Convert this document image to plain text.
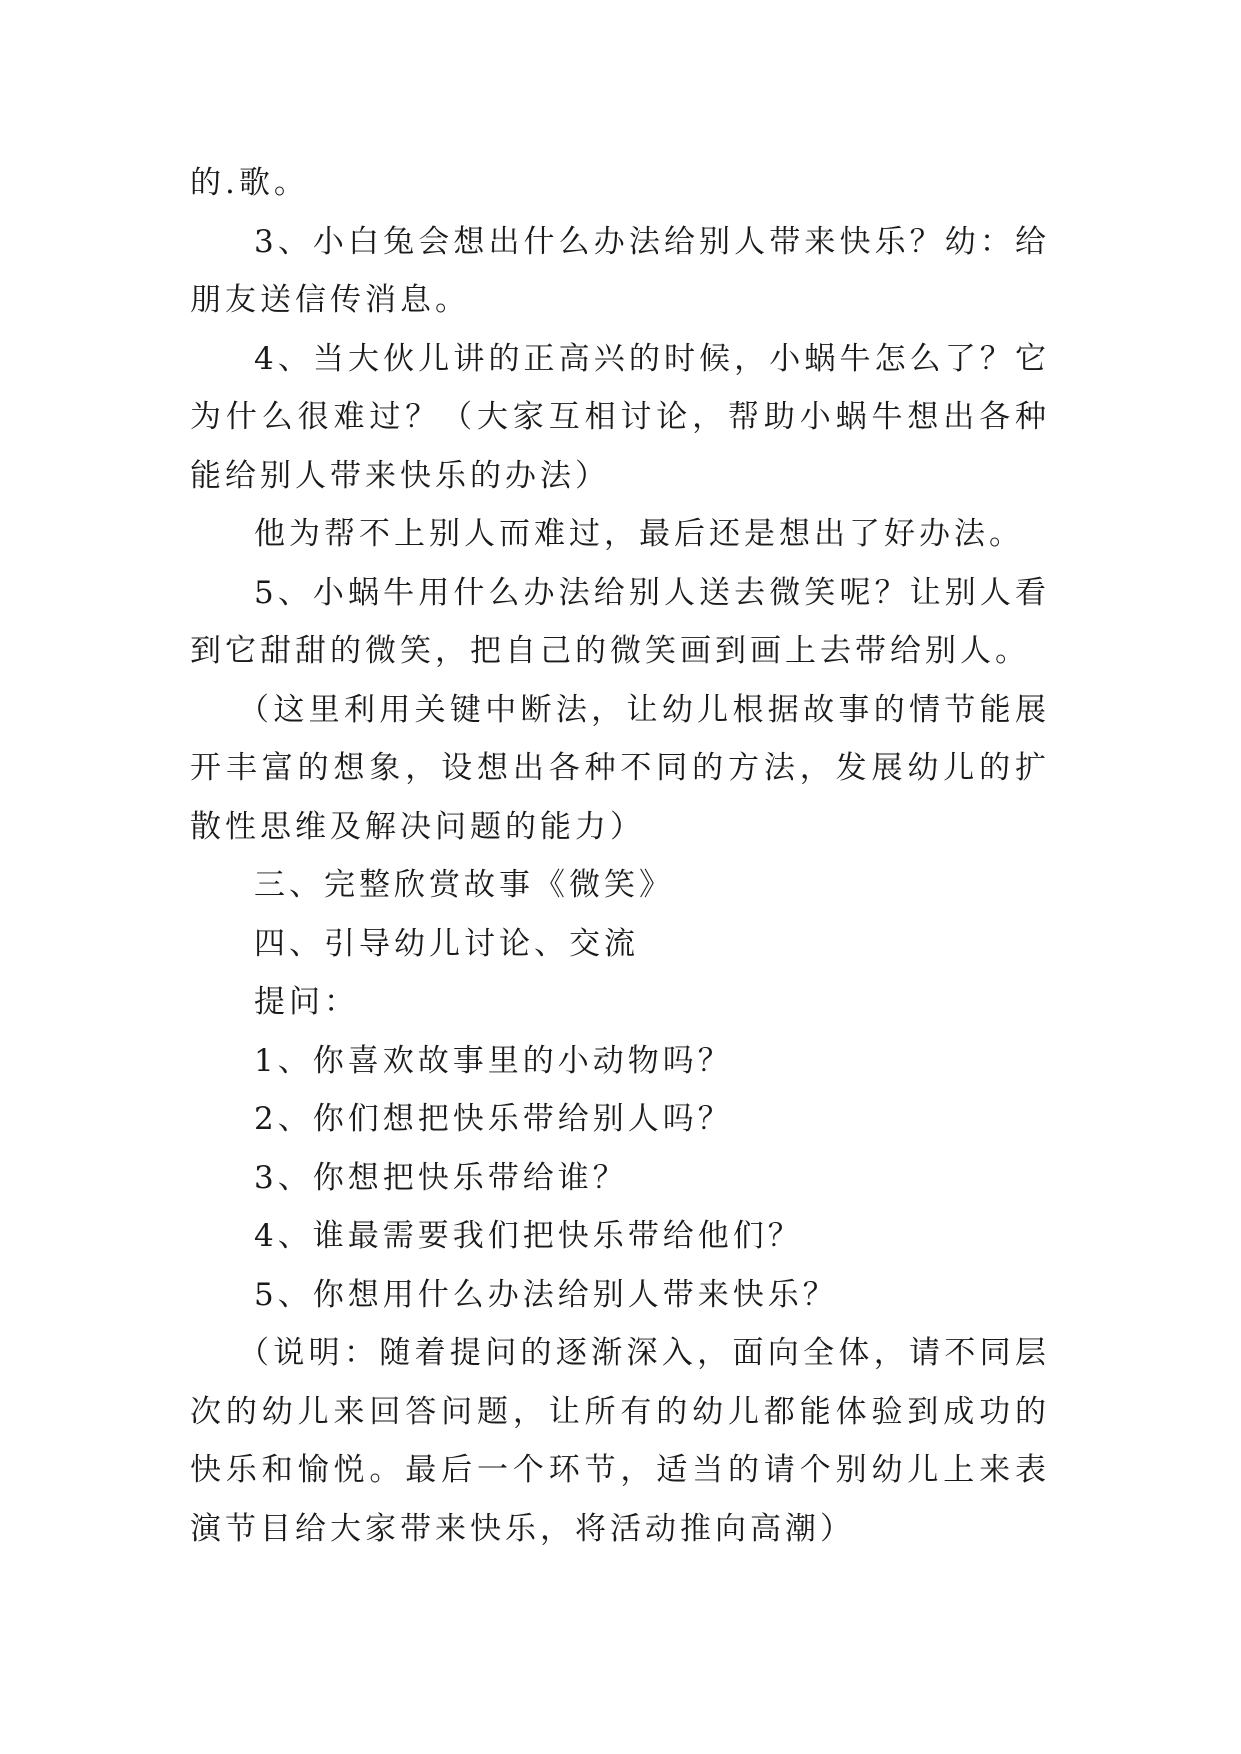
的.歌。

3、小白兔会想出什么办法给别人带来快乐？幼：给朋友送信传消息。

4、当大伙儿讲的正高兴的时候，小蜗牛怎么了？它为什么很难过？（大家互相讨论，帮助小蜗牛想出各种能给别人带来快乐的办法）

他为帮不上别人而难过，最后还是想出了好办法。

5、小蜗牛用什么办法给别人送去微笑呢？让别人看到它甜甜的微笑，把自己的微笑画到画上去带给别人。

（这里利用关键中断法，让幼儿根据故事的情节能展开丰富的想象，设想出各种不同的方法，发展幼儿的扩散性思维及解决问题的能力）

三、完整欣赏故事《微笑》

四、引导幼儿讨论、交流

提问：

1、你喜欢故事里的小动物吗？

2、你们想把快乐带给别人吗？

3、你想把快乐带给谁？

4、谁最需要我们把快乐带给他们？

5、你想用什么办法给别人带来快乐？

（说明：随着提问的逐渐深入，面向全体，请不同层次的幼儿来回答问题，让所有的幼儿都能体验到成功的快乐和愉悦。最后一个环节，适当的请个别幼儿上来表演节目给大家带来快乐，将活动推向高潮）
